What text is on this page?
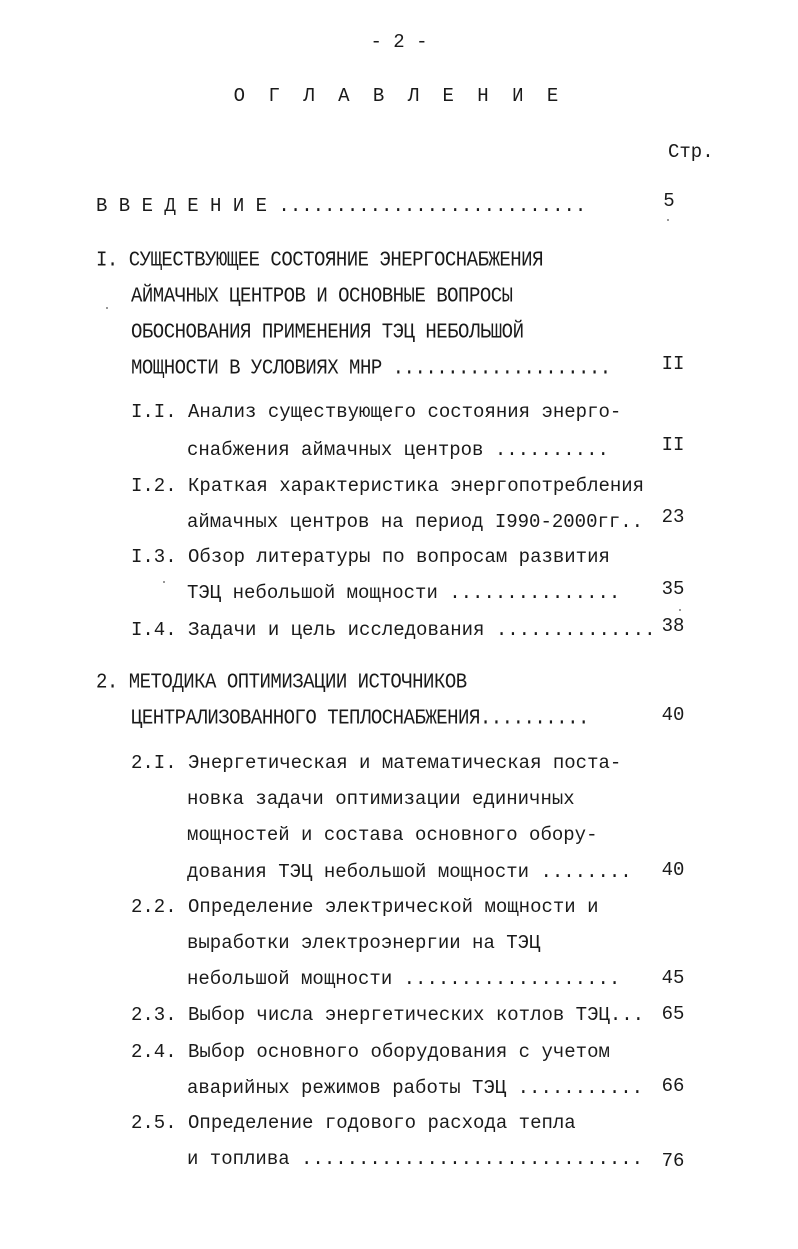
- 2 -
О Г Л А В Л Е Н И Е
Стр.
В В Е Д Е Н И Е ...........................	5
I. СУЩЕСТВУЮЩЕЕ СОСТОЯНИЕ ЭНЕРГОСНАБЖЕНИЯ
АЙМАЧНЫХ ЦЕНТРОВ И ОСНОВНЫЕ ВОПРОСЫ
ОБОСНОВАНИЯ ПРИМЕНЕНИЯ ТЭЦ НЕБОЛЬШОЙ
МОЩНОСТИ В УСЛОВИЯХ МНР ....................	II
I.I. Анализ существующего состояния энерго-
снабжения аймачных центров ..........	II
I.2. Краткая характеристика энергопотребления
аймачных центров на период I990-2000гг.. 23
I.3. Обзор литературы по вопросам развития
ТЭЦ небольшой мощности ...............	35
I.4. Задачи и цель исследования .............. 38
2. МЕТОДИКА ОПТИМИЗАЦИИ ИСТОЧНИКОВ
ЦЕНТРАЛИЗОВАННОГО ТЕПЛОСНАБЖЕНИЯ..........	40
2.I. Энергетическая и математическая поста-
новка задачи оптимизации единичных
мощностей и состава основного обору-
дования ТЭЦ небольшой мощности ........	40
2.2. Определение электрической мощности и
выработки электроэнергии на ТЭЦ
небольшой мощности ...................	45
2.3. Выбор числа энергетических котлов ТЭЦ... 65
2.4. Выбор основного оборудования с учетом
аварийных режимов работы ТЭЦ ........... 66
2.5. Определение годового расхода тепла
и топлива .............................. 76
